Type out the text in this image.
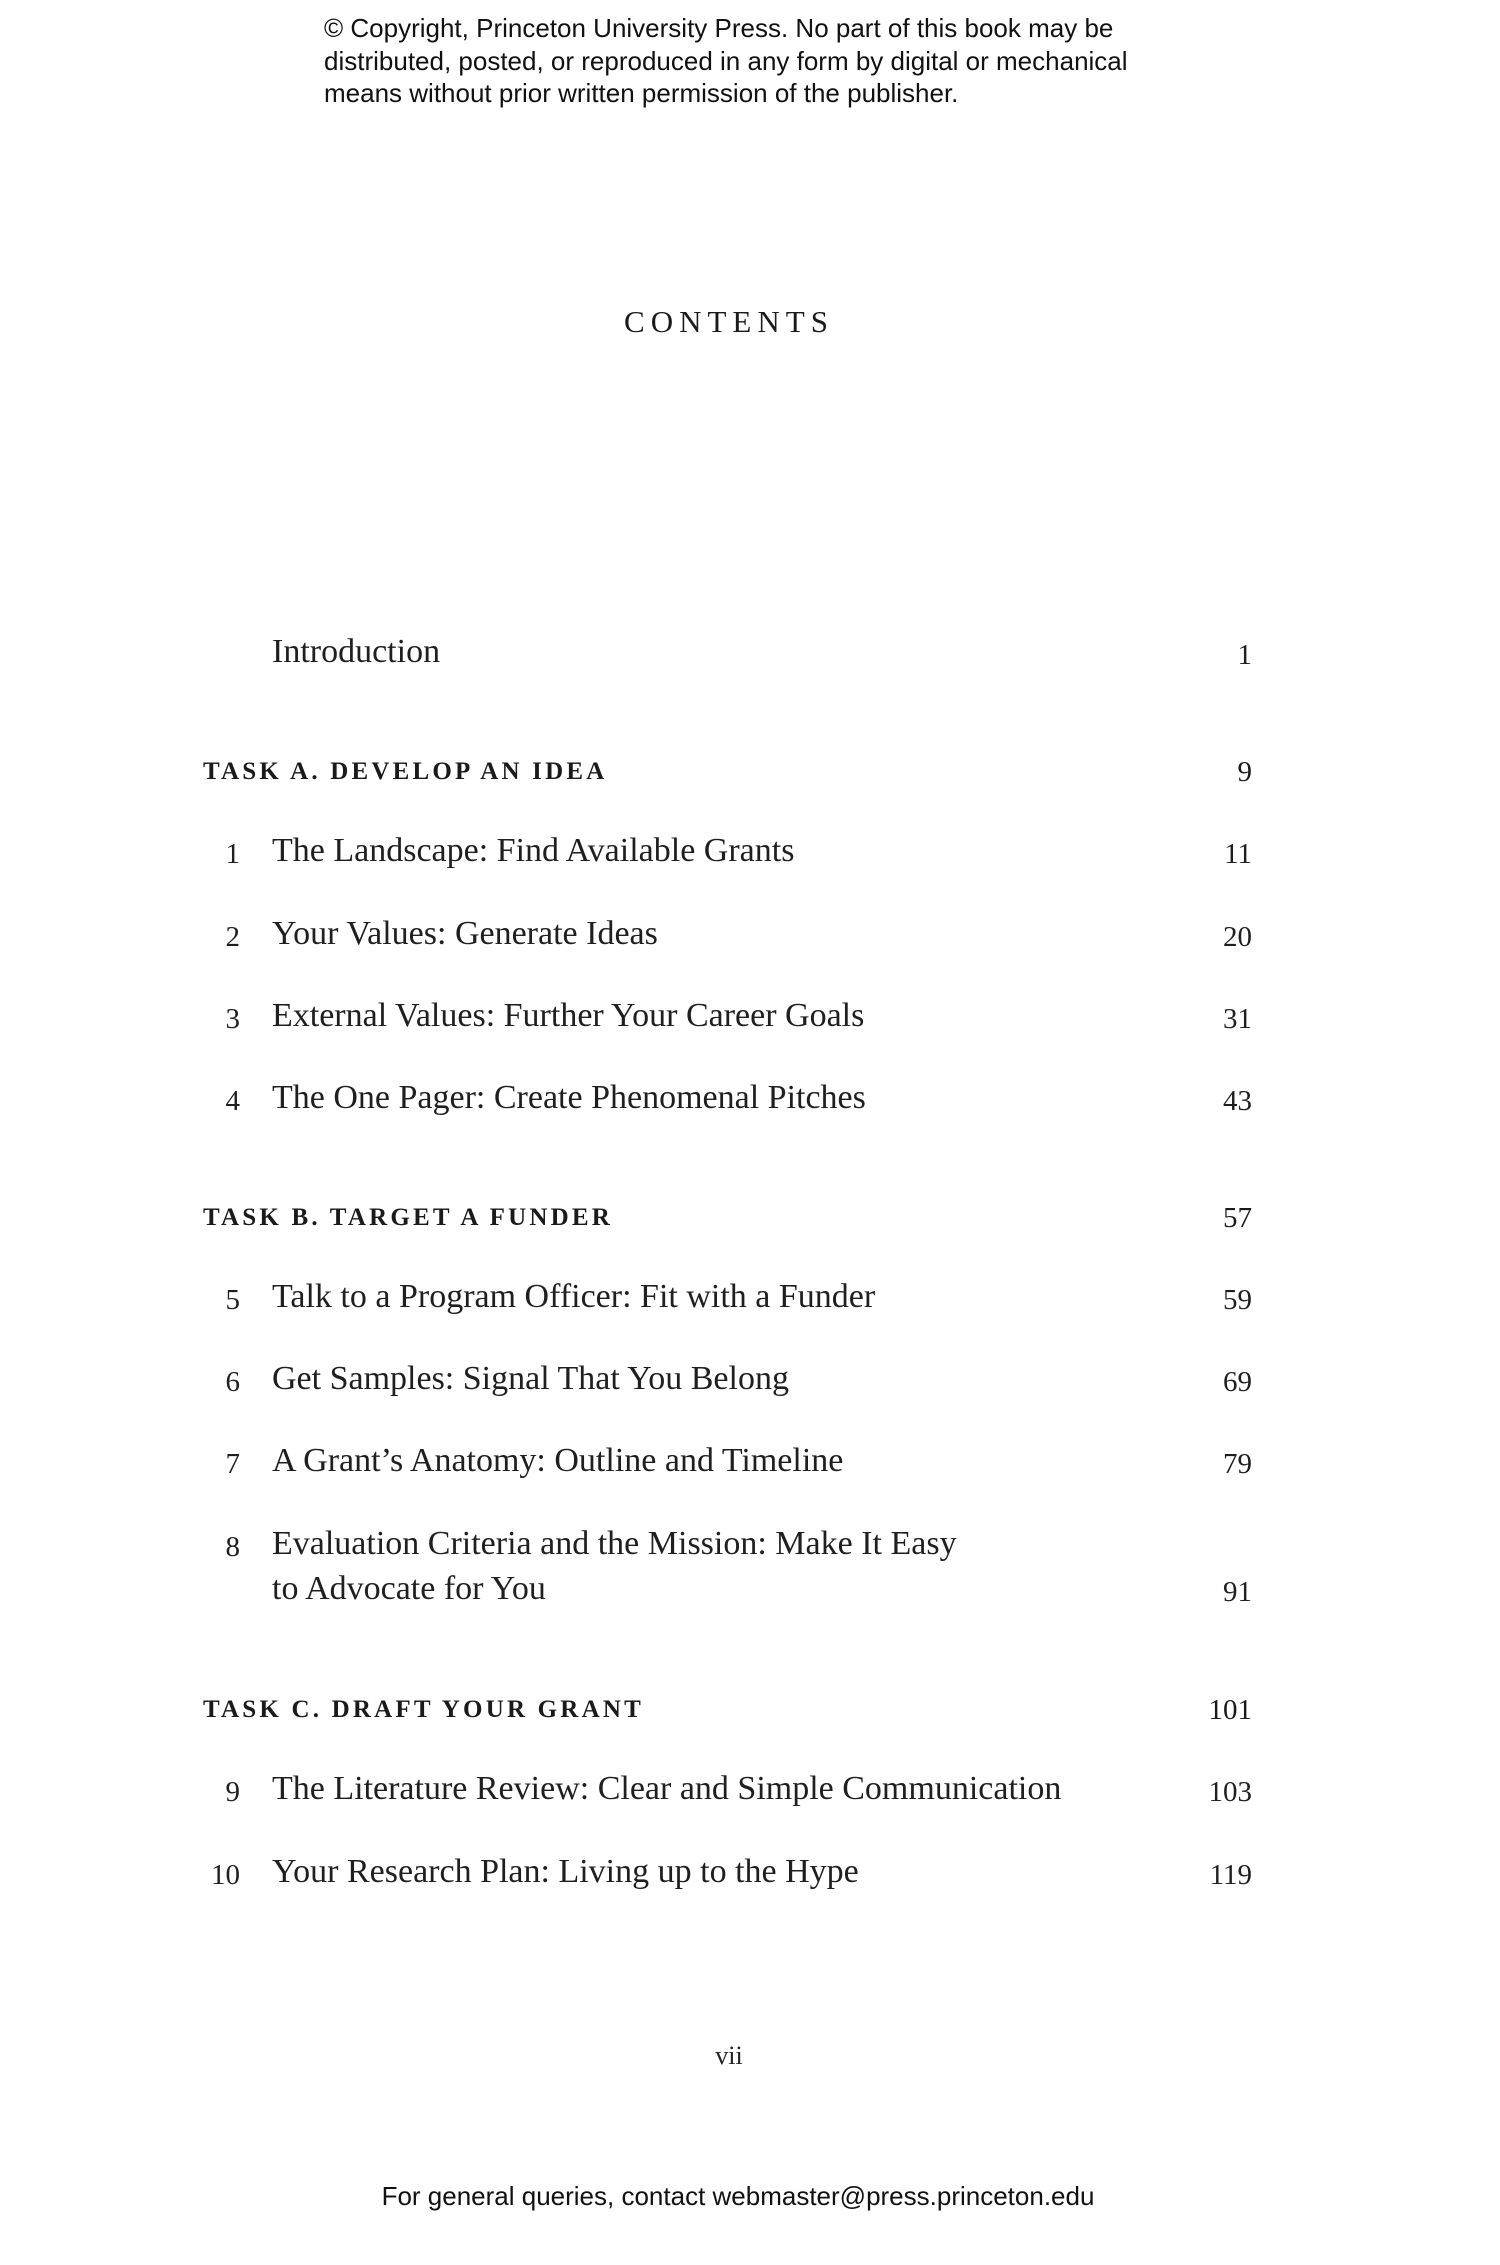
© Copyright, Princeton University Press. No part of this book may be
distributed, posted, or reproduced in any form by digital or mechanical
means without prior written permission of the publisher.
CONTENTS
Introduction	1
TASK A. DEVELOP AN IDEA	9
1 The Landscape: Find Available Grants	11
2 Your Values: Generate Ideas	20
3 External Values: Further Your Career Goals	31
4 The One Pager: Create Phenomenal Pitches	43
TASK B. TARGET A FUNDER	57
5 Talk to a Program Officer: Fit with a Funder	59
6 Get Samples: Signal That You Belong	69
7 A Grant’s Anatomy: Outline and Timeline	79
8 Evaluation Criteria and the Mission: Make It Easy
to Advocate for You	91
TASK C. DRAFT YOUR GRANT	101
9 The Literature Review: Clear and Simple Communication	103
10 Your Research Plan: Living up to the Hype	119
vii
For general queries, contact webmaster@press.princeton.edu
